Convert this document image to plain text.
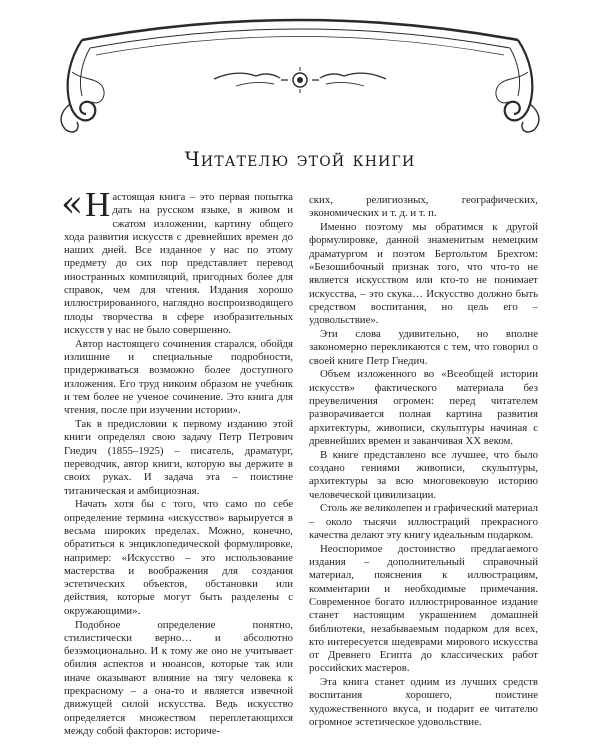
Читателю этой книги

« Н астоящая книга – это первая попытка дать на русском языке, в живом и сжатом изложении, картину общего хода развития искусств с древнейших времен до наших дней. Все изданное у нас по этому предмету до сих пор представляет перевод иностранных компиляций, пригодных более для справок, чем для чтения. Издания хорошо иллюстрированного, наглядно воспроизводящего плоды творчества в сфере изобразительных искусств у нас не было совершенно.

Автор настоящего сочинения старался, обойдя излишние и специальные подробности, придерживаться возможно более доступного изложения. Его труд никоим образом не учебник и тем более не ученое сочинение. Это книга для чтения, после при изучении истории».

Так в предисловии к первому изданию этой книги определял свою задачу Петр Петрович Гнедич (1855–1925) – писатель, драматург, переводчик, автор книги, которую вы держите в своих руках. И задача эта – поистине титаническая и амбициозная.

Начать хотя бы с того, что само по себе определение термина «искусство» варьируется в весьма широких пределах. Можно, конечно, обратиться к энциклопедической формулировке, например: «Искусство – это использование мастерства и воображения для создания эстетических объектов, обстановки или действия, которые могут быть разделены с окружающими».

Подобное определение понятно, стилистически верно… и абсолютно безэмоционально. И к тому же оно не учитывает обилия аспектов и нюансов, которые так или иначе оказывают влияние на тягу человека к прекрасному – а она-то и является извечной движущей силой искусства. Ведь искусство определяется множеством переплетающихся между собой факторов: историче-

ских, религиозных, географических, экономических и т. д. и т. п.

Именно поэтому мы обратимся к другой формулировке, данной знаменитым немецким драматургом и поэтом Бертольтом Брехтом: «Безошибочный признак того, что что-то не является искусством или кто-то не понимает искусства, – это скука… Искусство должно быть средством воспитания, но цель его – удовольствие».

Эти слова удивительно, но вполне закономерно перекликаются с тем, что говорил о своей книге Петр Гнедич.

Объем изложенного во «Всеобщей истории искусств» фактического материала без преувеличения огромен: перед читателем разворачивается полная картина развития архитектуры, живописи, скульптуры начиная с древнейших времен и заканчивая XX веком.

В книге представлено все лучшее, что было создано гениями живописи, скульптуры, архитектуры за всю многовековую историю человеческой цивилизации.

Столь же великолепен и графический материал – около тысячи иллюстраций прекрасного качества делают эту книгу идеальным подарком.

Неоспоримое достоинство предлагаемого издания – дополнительный справочный материал, пояснения к иллюстрациям, комментарии и необходимые примечания. Современное богато иллюстрированное издание станет настоящим украшением домашней библиотеки, незабываемым подарком для всех, кто интересуется шедеврами мирового искусства от Древнего Египта до классических работ российских мастеров.

Эта книга станет одним из лучших средств воспитания хорошего, поистине художественного вкуса, и подарит ее читателю огромное эстетическое удовольствие.
